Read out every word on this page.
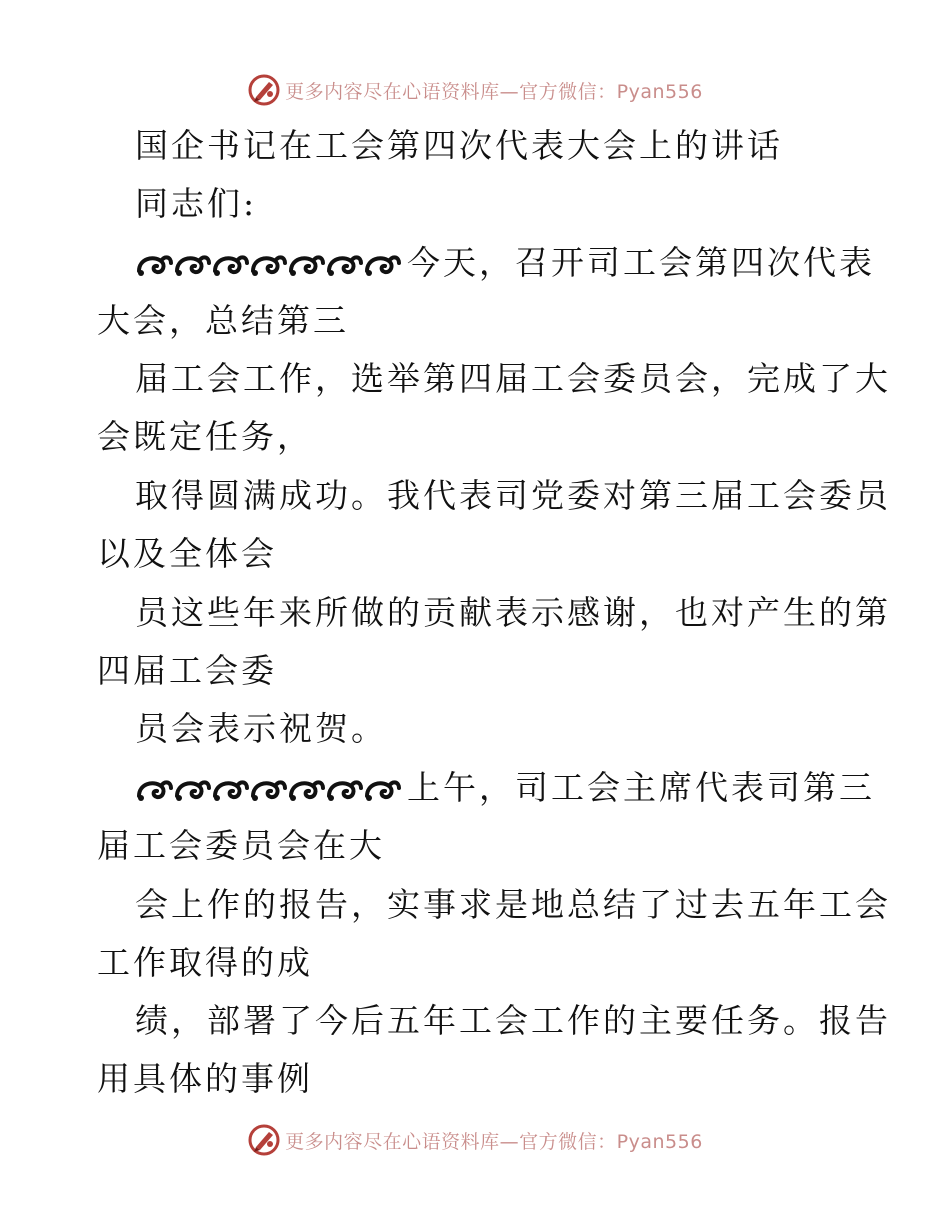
更多内容尽在心语资料库—官方微信：Pyan556
国企书记在工会第四次代表大会上的讲话
同志们:
今天，召开司工会第四次代表
大会，总结第三
届工会工作，选举第四届工会委员会，完成了大
会既定任务，
取得圆满成功。我代表司党委对第三届工会委员
以及全体会
员这些年来所做的贡献表示感谢，也对产生的第
四届工会委
员会表示祝贺。
上午，司工会主席代表司第三
届工会委员会在大
会上作的报告，实事求是地总结了过去五年工会
工作取得的成
绩，部署了今后五年工会工作的主要任务。报告
用具体的事例
更多内容尽在心语资料库—官方微信：Pyan556
